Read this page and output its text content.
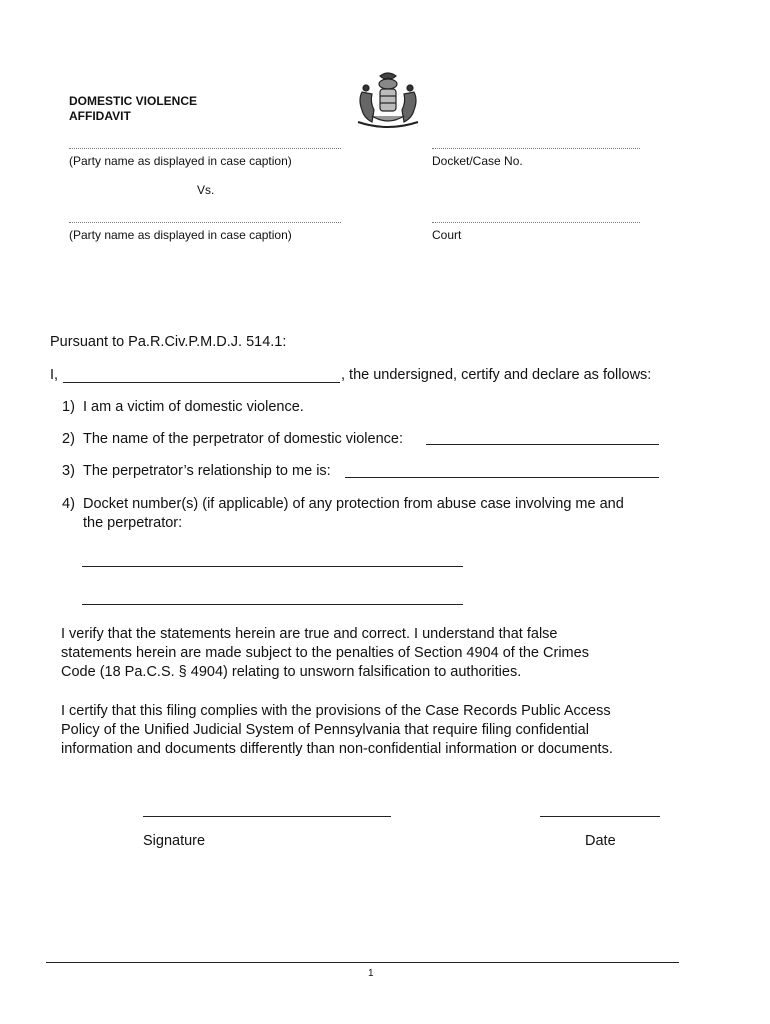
DOMESTIC VIOLENCE
AFFIDAVIT
(Party name as displayed in case caption)	Docket/Case No.
Vs.
(Party name as displayed in case caption)	Court
Pursuant to Pa.R.Civ.P.M.D.J. 514.1:
I,	, the undersigned, certify and declare as follows:
1) I am a victim of domestic violence.
2) The name of the perpetrator of domestic violence:
3) The perpetrator’s relationship to me is:
4) Docket number(s) (if applicable) of any protection from abuse case involving me and
the perpetrator:
I verify that the statements herein are true and correct. I understand that false
statements herein are made subject to the penalties of Section 4904 of the Crimes
Code (18 Pa.C.S. § 4904) relating to unsworn falsification to authorities.
I certify that this filing complies with the provisions of the Case Records Public Access
Policy of the Unified Judicial System of Pennsylvania that require filing confidential
information and documents differently than non-confidential information or documents.
Signature	Date
1
